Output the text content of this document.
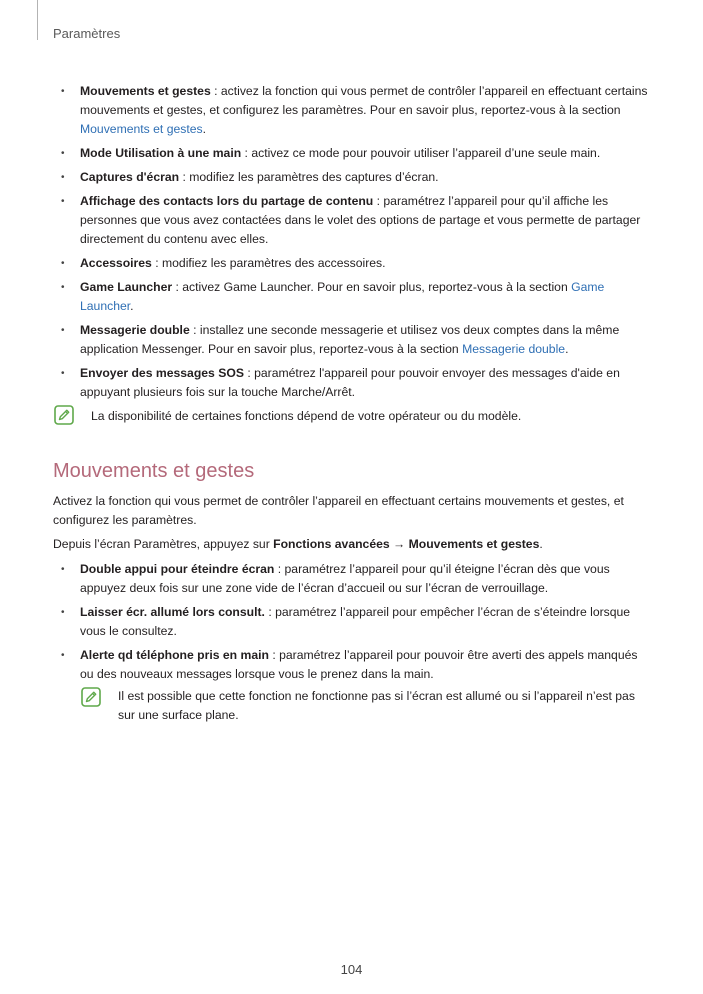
Paramètres
• Mouvements et gestes : activez la fonction qui vous permet de contrôler l’appareil en effectuant certains mouvements et gestes, et configurez les paramètres. Pour en savoir plus, reportez-vous à la section Mouvements et gestes.
• Mode Utilisation à une main : activez ce mode pour pouvoir utiliser l’appareil d’une seule main.
• Captures d'écran : modifiez les paramètres des captures d’écran.
• Affichage des contacts lors du partage de contenu : paramétrez l’appareil pour qu’il affiche les personnes que vous avez contactées dans le volet des options de partage et vous permette de partager directement du contenu avec elles.
• Accessoires : modifiez les paramètres des accessoires.
• Game Launcher : activez Game Launcher. Pour en savoir plus, reportez-vous à la section Game Launcher.
• Messagerie double : installez une seconde messagerie et utilisez vos deux comptes dans la même application Messenger. Pour en savoir plus, reportez-vous à la section Messagerie double.
• Envoyer des messages SOS : paramétrez l'appareil pour pouvoir envoyer des messages d'aide en appuyant plusieurs fois sur la touche Marche/Arrêt.
La disponibilité de certaines fonctions dépend de votre opérateur ou du modèle.
Mouvements et gestes
Activez la fonction qui vous permet de contrôler l’appareil en effectuant certains mouvements et gestes, et configurez les paramètres.
Depuis l’écran Paramètres, appuyez sur Fonctions avancées → Mouvements et gestes.
• Double appui pour éteindre écran : paramétrez l’appareil pour qu’il éteigne l’écran dès que vous appuyez deux fois sur une zone vide de l’écran d’accueil ou sur l’écran de verrouillage.
• Laisser écr. allumé lors consult. : paramétrez l’appareil pour empêcher l’écran de s’éteindre lorsque vous le consultez.
• Alerte qd téléphone pris en main : paramétrez l’appareil pour pouvoir être averti des appels manqués ou des nouveaux messages lorsque vous le prenez dans la main.
Il est possible que cette fonction ne fonctionne pas si l’écran est allumé ou si l’appareil n’est pas sur une surface plane.
104
